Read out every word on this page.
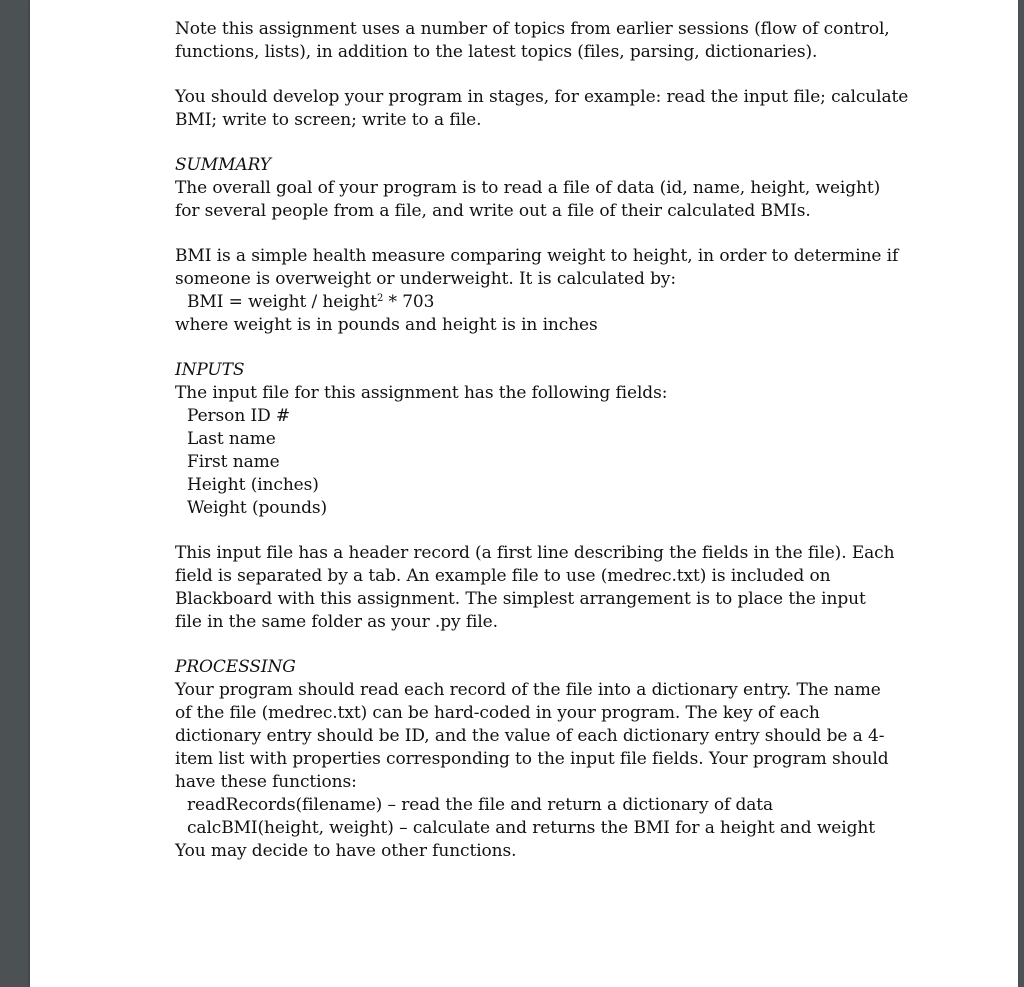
Note this assignment uses a number of topics from earlier sessions (flow of control,
functions, lists), in addition to the latest topics (files, parsing, dictionaries).

You should develop your program in stages, for example: read the input file; calculate
BMI; write to screen; write to a file.

SUMMARY
The overall goal of your program is to read a file of data (id, name, height, weight)
for several people from a file, and write out a file of their calculated BMIs.
BMI is a simple health measure comparing weight to height, in order to determine if
someone is overweight or underweight. It is calculated by:
BMI = weight / height$^2$ * 703
where weight is in pounds and height is in inches
INPUTS
The input file for this assignment has the following fields:
Person ID #
Last name
First name
Height (inches)
Weight (pounds)

This input file has a header record (a first line describing the fields in the file). Each
field is separated by a tab. An example file to use (medrec.txt) is included on
Blackboard with this assignment. The simplest arrangement is to place the input
file in the same folder as your .py file.

PROCESSING
Your program should read each record of the file into a dictionary entry. The name
of the file (medrec.txt) can be hard-coded in your program. The key of each
dictionary entry should be ID, and the value of each dictionary entry should be a 4-
item list with properties corresponding to the input file fields. Your program should
have these functions:
readRecords(filename) – read the file and return a dictionary of data
calcBMI(height, weight) – calculate and returns the BMI for a height and weight
You may decide to have other functions.
